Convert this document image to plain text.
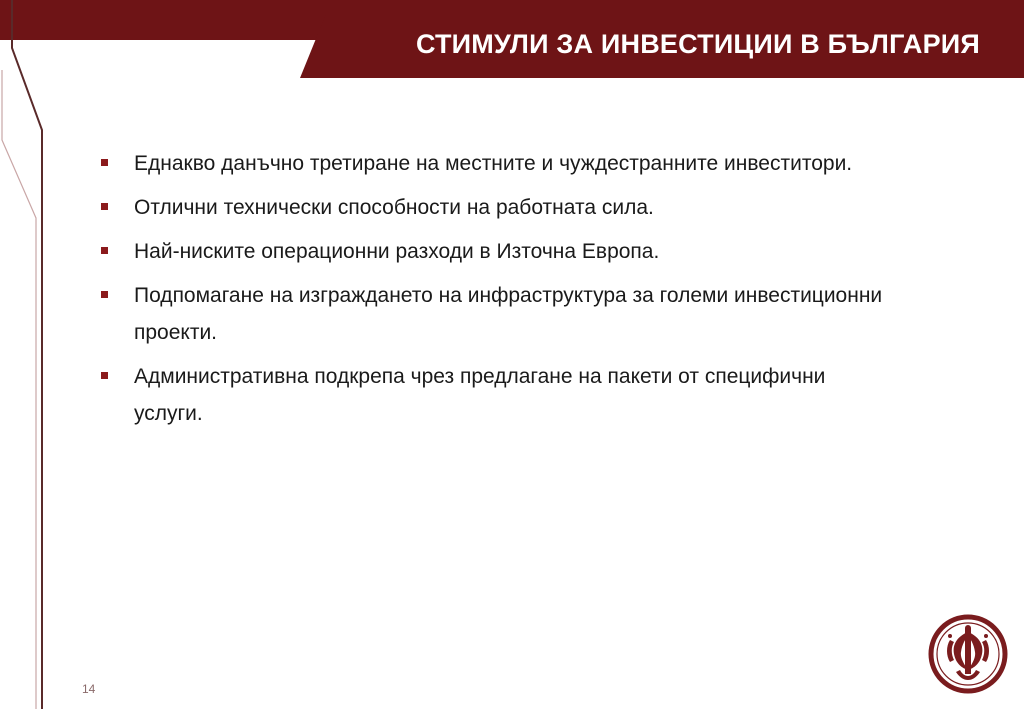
СТИМУЛИ ЗА ИНВЕСТИЦИИ В БЪЛГАРИЯ
Еднакво данъчно третиране на местните и чуждестранните инвеститори.
Отлични технически способности на работната сила.
Най-ниските операционни разходи в Източна Европа.
Подпомагане на изграждането на инфраструктура за големи инвестиционни проекти.
Административна подкрепа чрез предлагане на пакети от специфични услуги.
14
